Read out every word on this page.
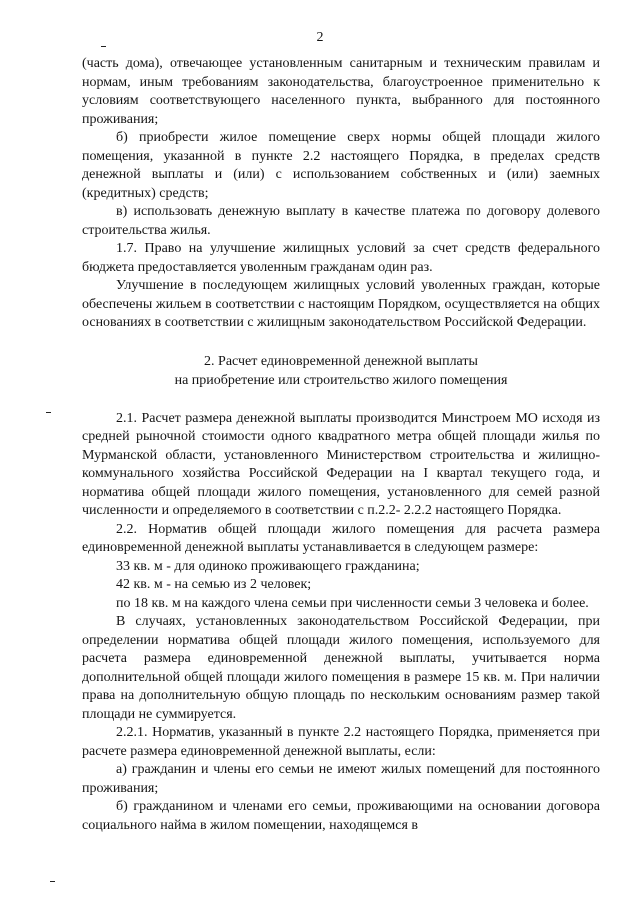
2

(часть дома), отвечающее установленным санитарным и техническим правилам и нормам, иным требованиям законодательства, благоустроенное применительно к условиям соответствующего населенного пункта, выбранного для постоянного проживания;

б) приобрести жилое помещение сверх нормы общей площади жилого помещения, указанной в пункте 2.2 настоящего Порядка, в пределах средств денежной выплаты и (или) с использованием собственных и (или) заемных (кредитных) средств;

в) использовать денежную выплату в качестве платежа по договору долевого строительства жилья.

1.7. Право на улучшение жилищных условий за счет средств федерального бюджета предоставляется уволенным гражданам один раз.

Улучшение в последующем жилищных условий уволенных граждан, которые обеспечены жильем в соответствии с настоящим Порядком, осуществляется на общих основаниях в соответствии с жилищным законодательством Российской Федерации.

2. Расчет единовременной денежной выплаты
на приобретение или строительство жилого помещения

2.1. Расчет размера денежной выплаты производится Минстроем МО исходя из средней рыночной стоимости одного квадратного метра общей площади жилья по Мурманской области, установленного Министерством строительства и жилищно-коммунального хозяйства Российской Федерации на I квартал текущего года, и норматива общей площади жилого помещения, установленного для семей разной численности и определяемого в соответствии с п.2.2- 2.2.2 настоящего Порядка.

2.2. Норматив общей площади жилого помещения для расчета размера единовременной денежной выплаты устанавливается в следующем размере:

33 кв. м - для одиноко проживающего гражданина;

42 кв. м - на семью из 2 человек;

по 18 кв. м на каждого члена семьи при численности семьи 3 человека и более.

В случаях, установленных законодательством Российской Федерации, при определении норматива общей площади жилого помещения, используемого для расчета размера единовременной денежной выплаты, учитывается норма дополнительной общей площади жилого помещения в размере 15 кв. м. При наличии права на дополнительную общую площадь по нескольким основаниям размер такой площади не суммируется.

2.2.1. Норматив, указанный в пункте 2.2 настоящего Порядка, применяется при расчете размера единовременной денежной выплаты, если:

а) гражданин и члены его семьи не имеют жилых помещений для постоянного проживания;

б) гражданином и членами его семьи, проживающими на основании договора социального найма в жилом помещении, находящемся в
